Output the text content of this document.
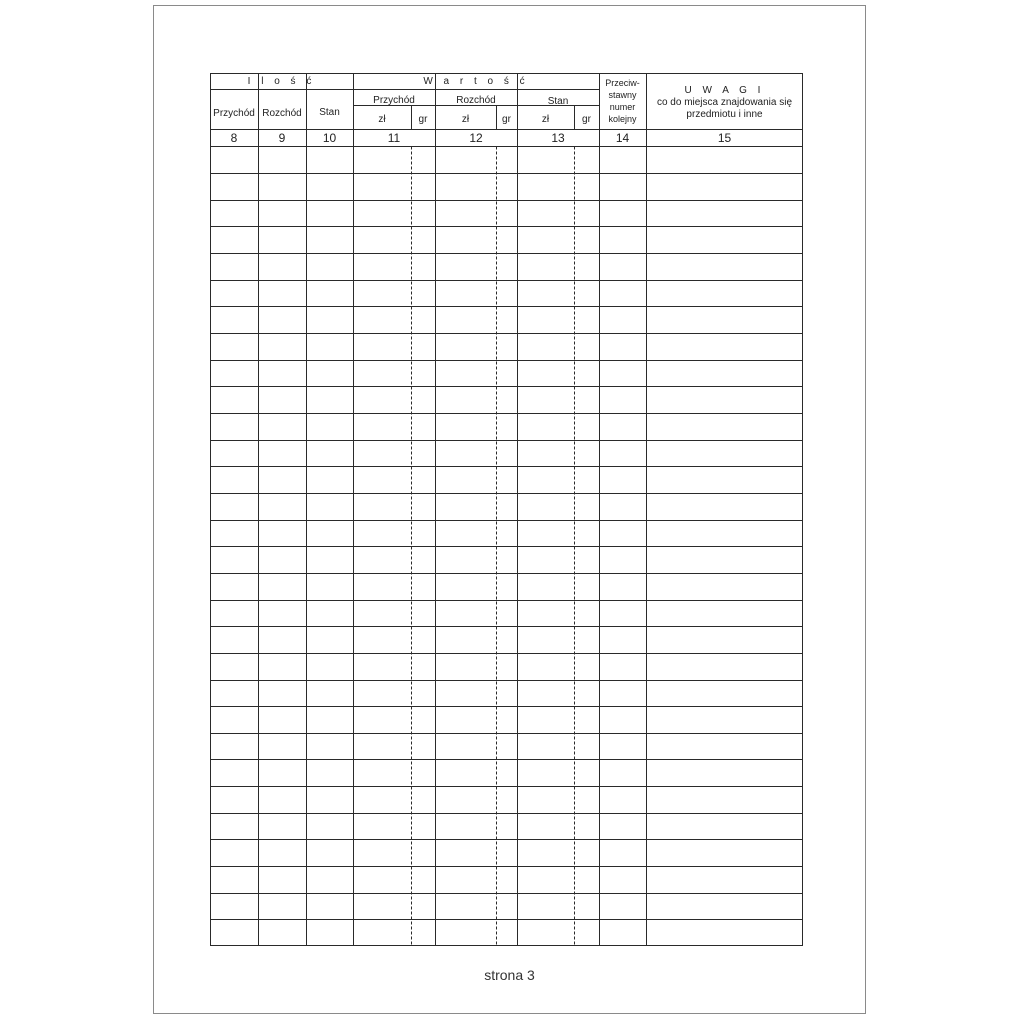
I l o ś ć	W a r t o ś ć
Przychód Rozchód	Stan
Przychód	Rozchód	Stan
zł	gr	zł	gr	zł	gr
Przeciw-
stawny
numer
kolejny
U W A G I
co do miejsca znajdowania się
przedmiotu i inne
8	9	10	11	12	13	14	15
strona 3
